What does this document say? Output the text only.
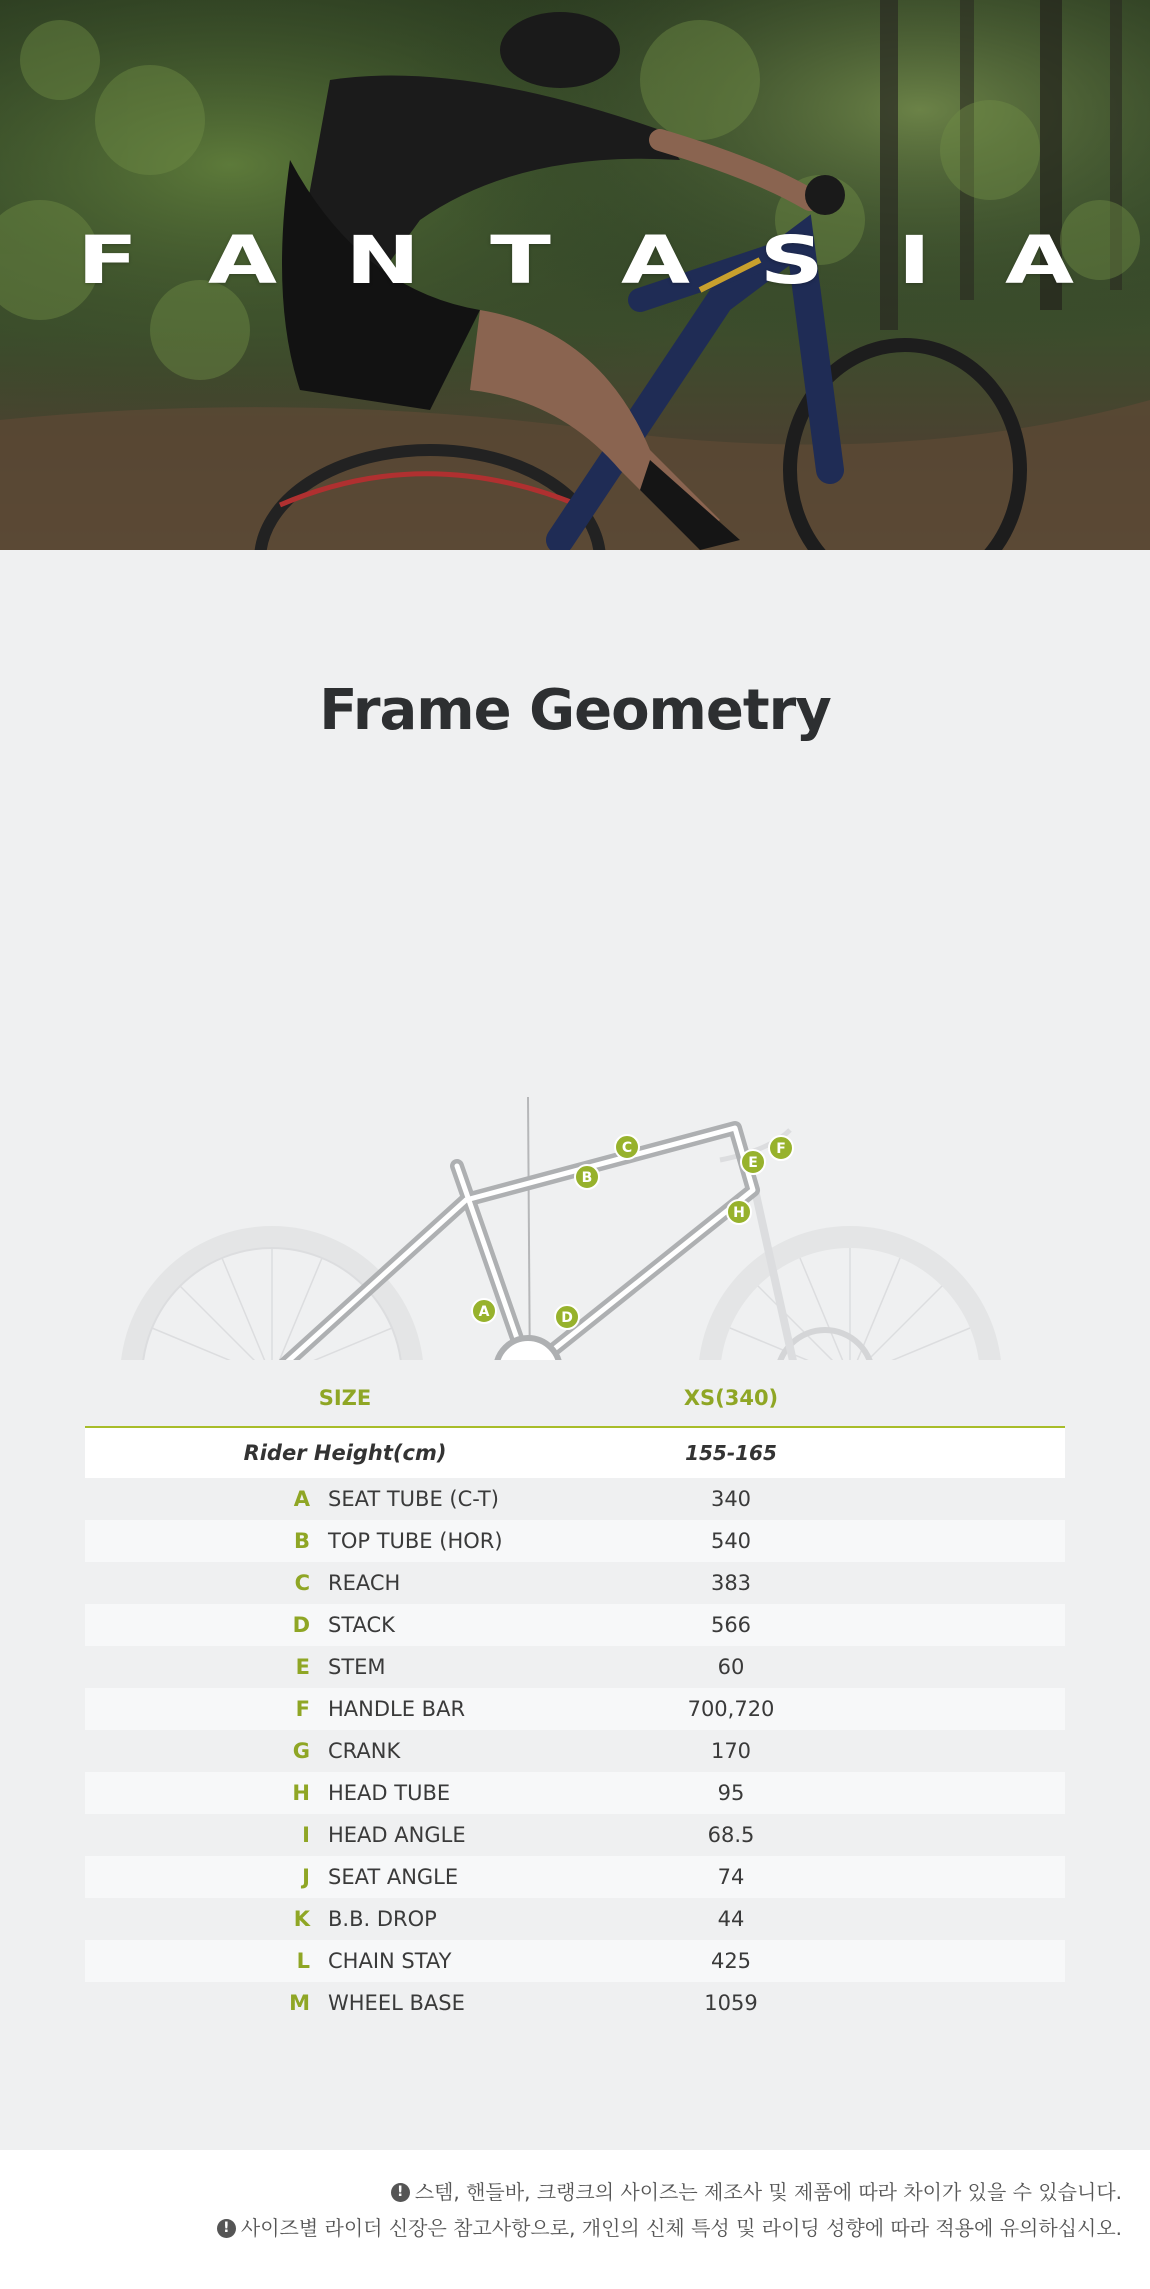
F A N T A S I A
Frame Geometry
A
B
C
D
E
F
H
SIZE	XS(340)
Rider Height(cm)	155-165
A SEAT TUBE (C-T)	340
B TOP TUBE (HOR)	540
C REACH	383
D STACK	566
E STEM	60
F HANDLE BAR	700,720
G CRANK	170
H HEAD TUBE	95
I HEAD ANGLE	68.5
J SEAT ANGLE	74
K B.B. DROP	44
L CHAIN STAY	425
M WHEEL BASE	1059
! 스템, 핸들바, 크랭크의 사이즈는 제조사 및 제품에 따라 차이가 있을 수 있습니다.
! 사이즈별 라이더 신장은 참고사항으로, 개인의 신체 특성 및 라이딩 성향에 따라 적용에 유의하십시오.
